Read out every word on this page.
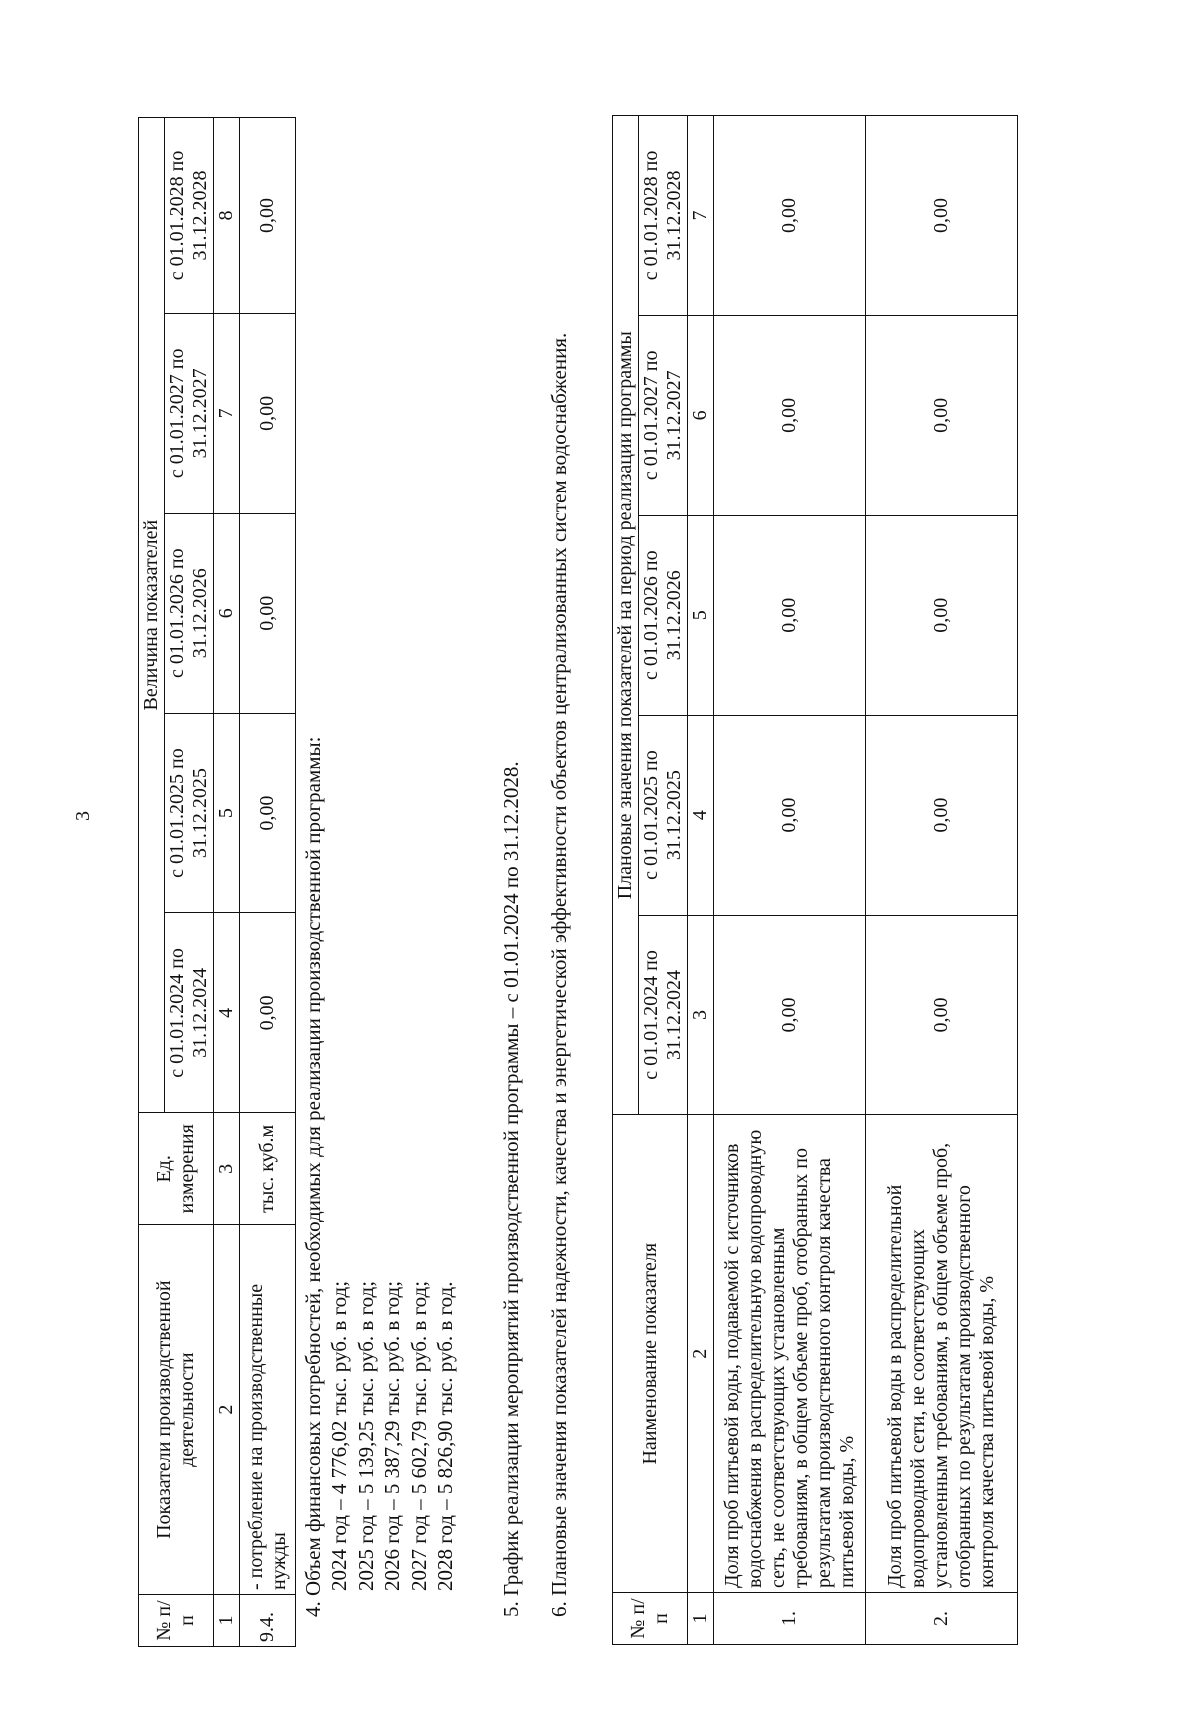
3
№ п/п	Показатели производственной деятельности	Ед. измерения	Величина показателей				
			с 01.01.2024 по 31.12.2024	с 01.01.2025 по 31.12.2025	с 01.01.2026 по 31.12.2026	с 01.01.2027 по 31.12.2027	с 01.01.2028 по 31.12.2028
1	2	3	4	5	6	7	8
9.4.	- потребление на производственные нужды	тыс. куб.м	0,00	0,00	0,00	0,00	0,00
4. Объем финансовых потребностей, необходимых для реализации производственной программы: 2024 год – 4 776,02 тыс. руб. в год; 2025 год – 5 139,25 тыс. руб. в год; 2026 год – 5 387,29 тыс. руб. в год; 2027 год – 5 602,79 тыс. руб. в год; 2028 год – 5 826,90 тыс. руб. в год. 5. График реализации мероприятий производственной программы – с 01.01.2024 по 31.12.2028. 6. Плановые значения показателей надежности, качества и энергетической эффективности объектов централизованных систем водоснабжения.
№ п/п	Наименование показателя	Плановые значения показателей на период реализации программы				
		с 01.01.2024 по 31.12.2024	с 01.01.2025 по 31.12.2025	с 01.01.2026 по 31.12.2026	с 01.01.2027 по 31.12.2027	с 01.01.2028 по 31.12.2028
1	2	3	4	5	6	7
1.	Доля проб питьевой воды, подаваемой с источников водоснабжения в распределительную водопроводную сеть, не соответствующих установленным требованиям, в общем объеме проб, отобранных по результатам производственного контроля качества питьевой воды, %	0,00	0,00	0,00	0,00	0,00
2.	Доля проб питьевой воды в распределительной водопроводной сети, не соответствующих установленным требованиям, в общем объеме проб, отобранных по результатам производственного контроля качества питьевой воды, %	0,00	0,00	0,00	0,00	0,00
